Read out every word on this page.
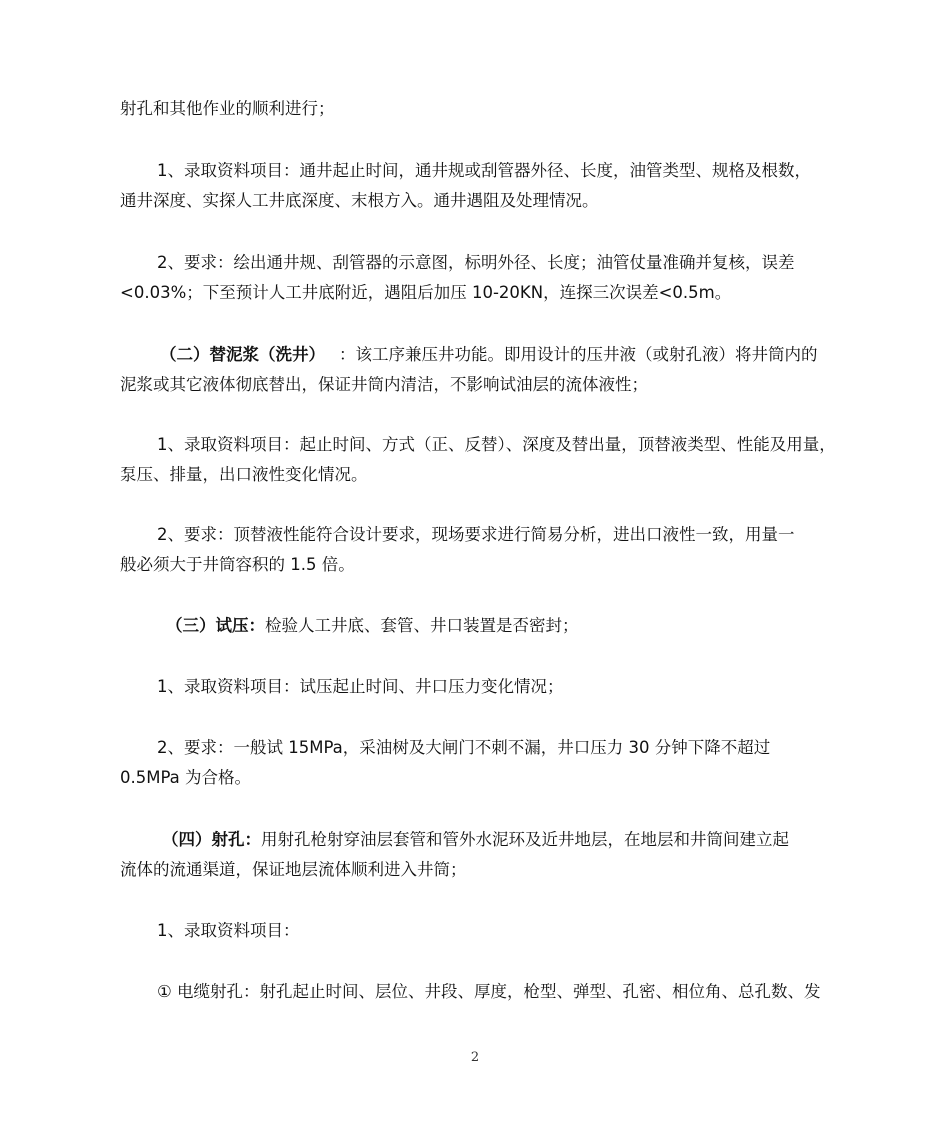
射孔和其他作业的顺利进行；

1、录取资料项目：通井起止时间，通井规或刮管器外径、长度，油管类型、规格及根数，
通井深度、实探人工井底深度、末根方入。通井遇阻及处理情况。

2、要求：绘出通井规、刮管器的示意图，标明外径、长度；油管仗量准确并复核，误差
<0.03%；下至预计人工井底附近，遇阻后加压 10-20KN，连探三次误差<0.5m。

（二）替泥浆（洗井） ：该工序兼压井功能。即用设计的压井液（或射孔液）将井筒内的
泥浆或其它液体彻底替出，保证井筒内清洁，不影响试油层的流体液性；

1、录取资料项目：起止时间、方式（正、反替）、深度及替出量，顶替液类型、性能及用量，
泵压、排量，出口液性变化情况。

2、要求：顶替液性能符合设计要求，现场要求进行简易分析，进出口液性一致，用量一
般必须大于井筒容积的 1.5 倍。

（三）试压：检验人工井底、套管、井口装置是否密封；

1、录取资料项目：试压起止时间、井口压力变化情况；

2、要求：一般试 15MPa，采油树及大闸门不刺不漏，井口压力 30 分钟下降不超过
0.5MPa 为合格。

（四）射孔：用射孔枪射穿油层套管和管外水泥环及近井地层，在地层和井筒间建立起
流体的流通渠道，保证地层流体顺利进入井筒；

1、录取资料项目：

① 电缆射孔：射孔起止时间、层位、井段、厚度，枪型、弹型、孔密、相位角、总孔数、发

2
